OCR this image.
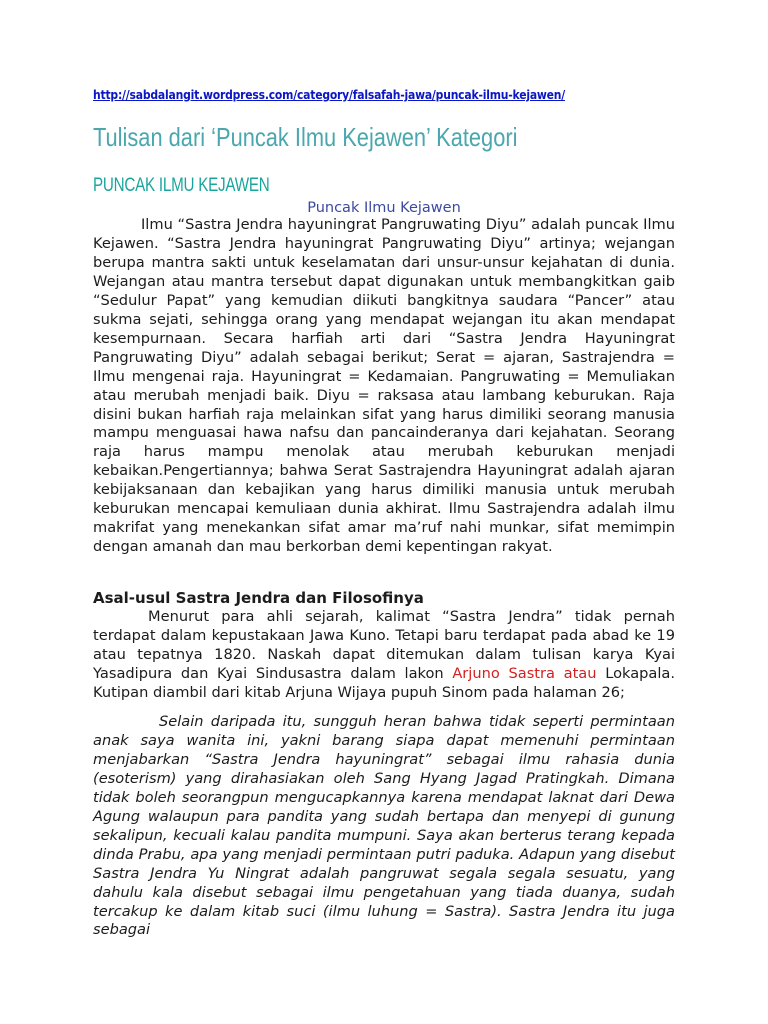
http://sabdalangit.wordpress.com/category/falsafah-jawa/puncak-ilmu-kejawen/
Tulisan dari ‘Puncak Ilmu Kejawen’ Kategori
PUNCAK ILMU KEJAWEN
Puncak Ilmu Kejawen

Ilmu “Sastra Jendra hayuningrat Pangruwating Diyu” adalah puncak Ilmu Kejawen. “Sastra Jendra hayuningrat Pangruwating Diyu” artinya; wejangan berupa mantra sakti untuk keselamatan dari unsur-unsur kejahatan di dunia. Wejangan atau mantra tersebut dapat digunakan untuk membangkitkan gaib “Sedulur Papat” yang kemudian diikuti bangkitnya saudara “Pancer” atau sukma sejati, sehingga orang yang mendapat wejangan itu akan mendapat kesempurnaan. Secara harfiah arti dari “Sastra Jendra Hayuningrat Pangruwating Diyu” adalah sebagai berikut; Serat = ajaran, Sastrajendra = Ilmu mengenai raja. Hayuningrat = Kedamaian. Pangruwating = Memuliakan atau merubah menjadi baik. Diyu = raksasa atau lambang keburukan. Raja disini bukan harfiah raja melainkan sifat yang harus dimiliki seorang manusia mampu menguasai hawa nafsu dan pancainderanya dari kejahatan. Seorang raja harus mampu menolak atau merubah keburukan menjadi kebaikan.Pengertiannya; bahwa Serat Sastrajendra Hayuningrat adalah ajaran kebijaksanaan dan kebajikan yang harus dimiliki manusia untuk merubah keburukan mencapai kemuliaan dunia akhirat. Ilmu Sastrajendra adalah ilmu makrifat yang menekankan sifat amar ma’ruf nahi munkar, sifat memimpin dengan amanah dan mau berkorban demi kepentingan rakyat.

Asal-usul Sastra Jendra dan Filosofinya

Menurut para ahli sejarah, kalimat “Sastra Jendra” tidak pernah terdapat dalam kepustakaan Jawa Kuno. Tetapi baru terdapat pada abad ke 19 atau tepatnya 1820. Naskah dapat ditemukan dalam tulisan karya Kyai Yasadipura dan Kyai Sindusastra dalam lakon Arjuno Sastra atau Lokapala. Kutipan diambil dari kitab Arjuna Wijaya pupuh Sinom pada halaman 26;

Selain daripada itu, sungguh heran bahwa tidak seperti permintaan anak saya wanita ini, yakni barang siapa dapat memenuhi permintaan menjabarkan “Sastra Jendra hayuningrat” sebagai ilmu rahasia dunia (esoterism) yang dirahasiakan oleh Sang Hyang Jagad Pratingkah. Dimana tidak boleh seorangpun mengucapkannya karena mendapat laknat dari Dewa Agung walaupun para pandita yang sudah bertapa dan menyepi di gunung sekalipun, kecuali kalau pandita mumpuni. Saya akan berterus terang kepada dinda Prabu, apa yang menjadi permintaan putri paduka. Adapun yang disebut Sastra Jendra Yu Ningrat adalah pangruwat segala segala sesuatu, yang dahulu kala disebut sebagai ilmu pengetahuan yang tiada duanya, sudah tercakup ke dalam kitab suci (ilmu luhung = Sastra). Sastra Jendra itu juga sebagai
